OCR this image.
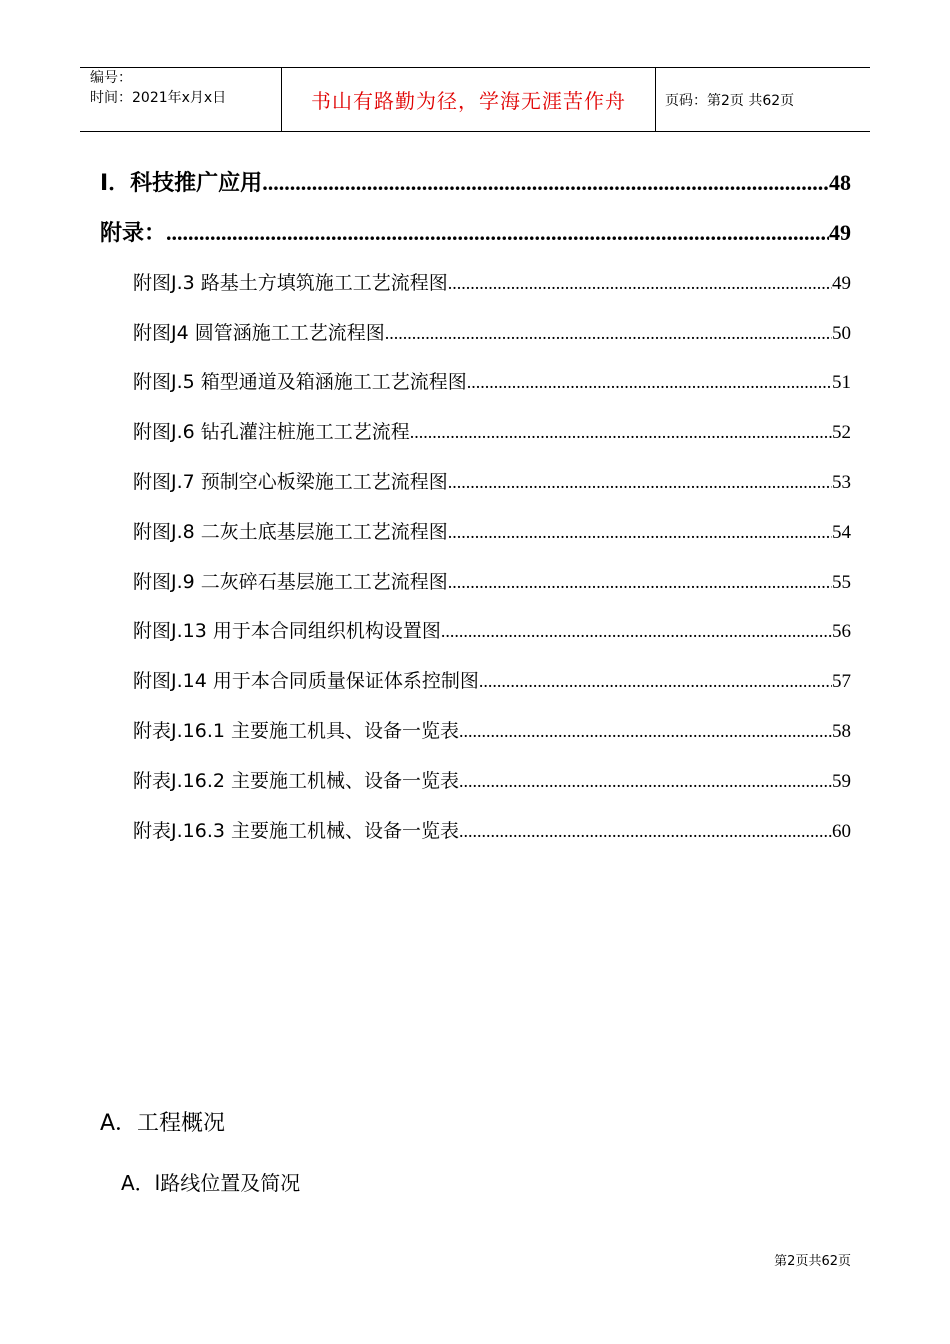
编号：
时间：2021年x月x日	书山有路勤为径，学海无涯苦作舟	页码：第2页 共62页
I．科技推广应用 .....	48
附录： .....	49
附图J.3 路基土方填筑施工工艺流程图 .....	49
附图J4 圆管涵施工工艺流程图 .....	50
附图J.5 箱型通道及箱涵施工工艺流程图 .....	51
附图J.6 钻孔灌注桩施工工艺流程 .....	52
附图J.7 预制空心板梁施工工艺流程图 .....	53
附图J.8 二灰土底基层施工工艺流程图 .....	54
附图J.9 二灰碎石基层施工工艺流程图 .....	55
附图J.13 用于本合同组织机构设置图 .....	56
附图J.14 用于本合同质量保证体系控制图 .....	57
附表J.16.1 主要施工机具、设备一览表 .....	58
附表J.16.2 主要施工机械、设备一览表 .....	59
附表J.16.3 主要施工机械、设备一览表 .....	60
A．工程概况
A．l路线位置及简况
第2页共62页
